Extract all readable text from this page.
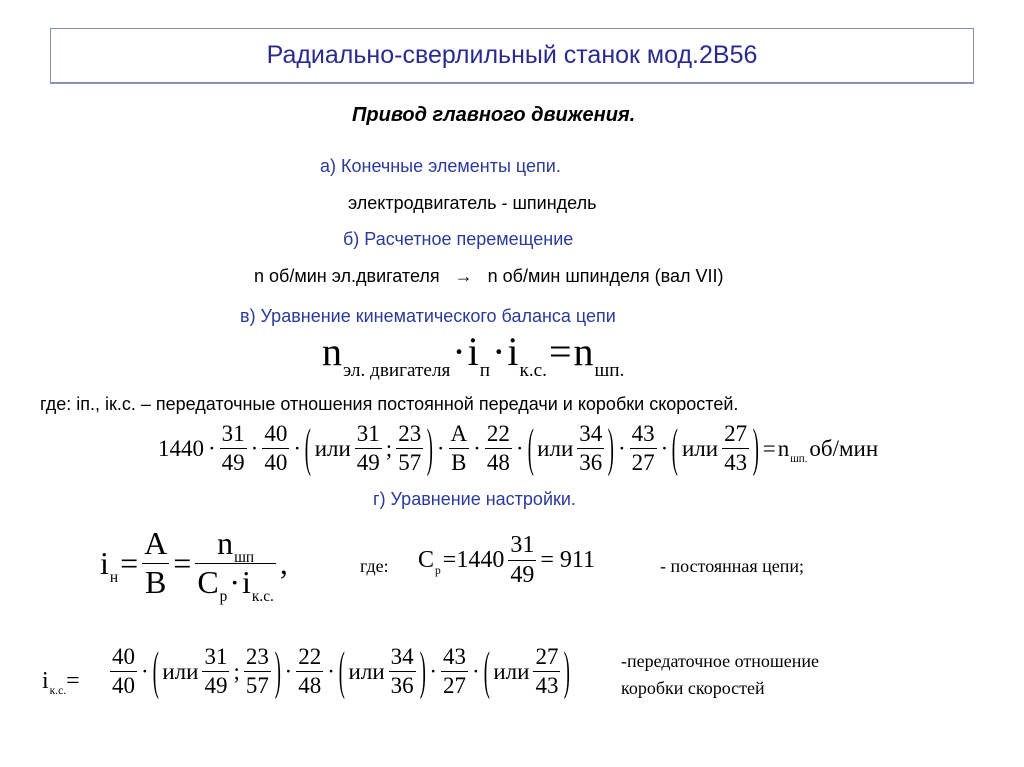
Радиально-сверлильный станок мод.2В56
Привод главного движения.
а) Конечные элементы цепи.
электродвигатель - шпиндель
б) Расчетное перемещение
n об/мин эл.двигателя   →   n об/мин шпинделя (вал VII)
в) Уравнение кинематического баланса цепи
$n_{эл. двигателя} \cdot i_п \cdot i_{к.с.} = n_{шп.}$
где: iп., iк.с. – передаточные отношения постоянной передачи и коробки скоростей.
$1440 \cdot \frac{31}{49} \cdot \frac{40}{40}$ · ( или $\frac{31}{49}$ ; $\frac{23}{57}$ ) · $\frac{A}{B} \cdot \frac{22}{48}$ · ( или $\frac{34}{36}$ ) · $\frac{43}{27}$ · ( или $\frac{27}{43}$ ) = $n_{шп.}$ об/мин
г) Уравнение настройки.
$i_н = \frac{A}{B} = \frac{n_{шп}}{C_р\cdot i_{к.с.}}$ ,	где: $C_р =1440 \frac{31}{49} = 911$	- постоянная цепи;
$i_{к.с.} = \frac{40}{40}$ · ( или $\frac{31}{49}$ ; $\frac{23}{57}$ ) · $\frac{22}{48}$ · ( или $\frac{34}{36}$ ) · $\frac{43}{27}$ · ( или $\frac{27}{43}$ )	-передаточное отношение
коробки скоростей
